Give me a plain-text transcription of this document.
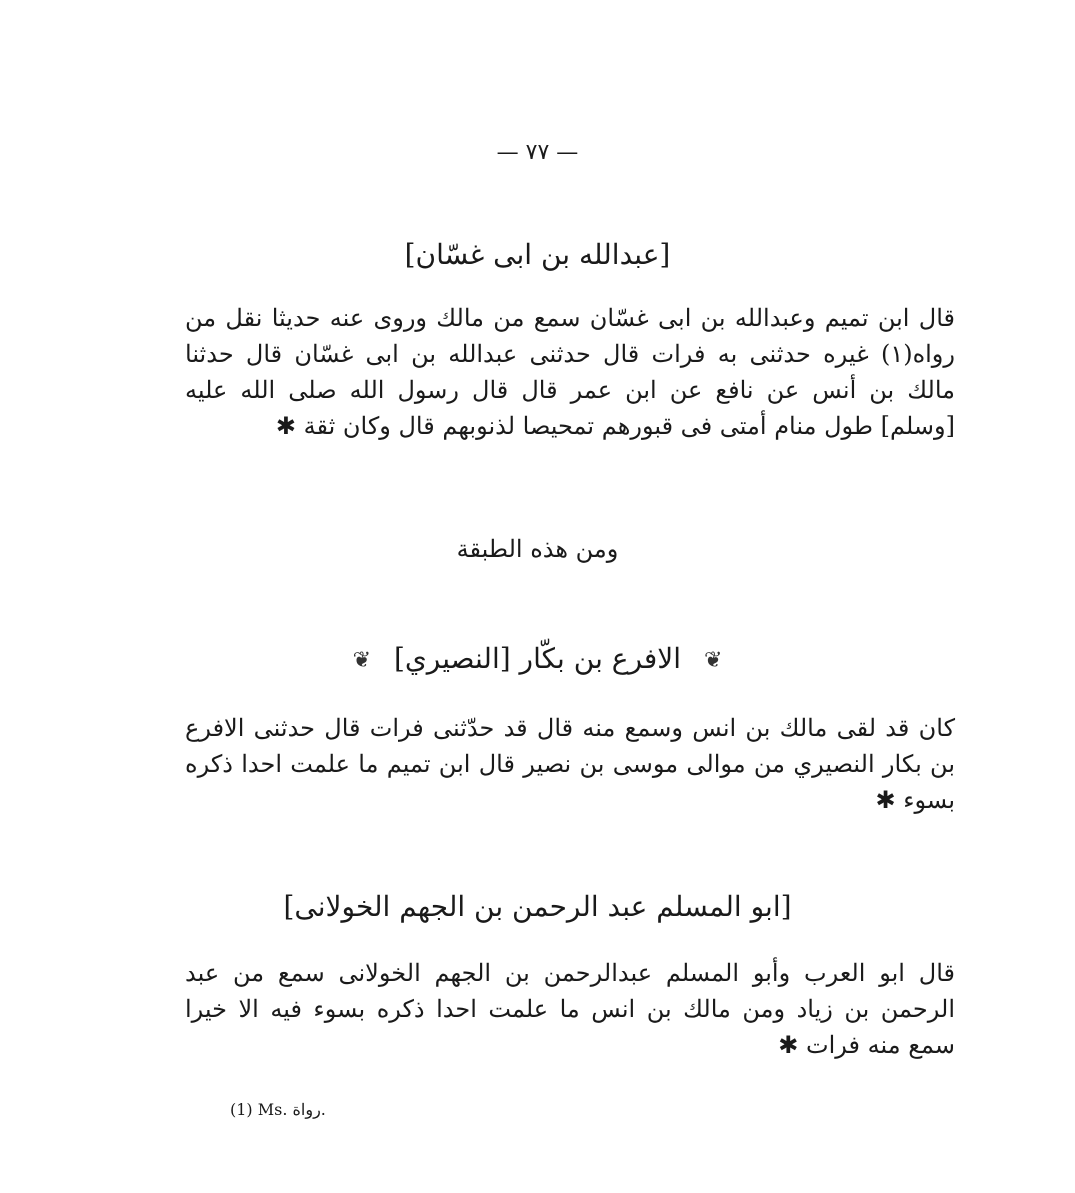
— ٧٧ —
[عبدالله بن ابى غسّان]
قال ابن تميم وعبدالله بن ابى غسّان سمع من مالك وروى عنه حديثا نقل من رواه(١) غيره حدثنى به فرات قال حدثنى عبدالله بن ابى غسّان قال حدثنا مالك بن أنس عن نافع عن ابن عمر قال قال رسول الله صلى الله عليه [وسلم] طول منام أمتى فى قبورهم تمحيصا لذنوبهم قال وكان ثقة ✱
ومن هذه الطبقة
❦ الافرع بن بكّار [النصيري] ❦
كان قد لقى مالك بن انس وسمع منه قال قد حدّثنى فرات قال حدثنى الافرع بن بكار النصيري من موالى موسى بن نصير قال ابن تميم ما علمت احدا ذكره بسوء ✱
[ابو المسلم عبد الرحمن بن الجهم الخولانى]
قال ابو العرب وأبو المسلم عبدالرحمن بن الجهم الخولانى سمع من عبد الرحمن بن زياد ومن مالك بن انس ما علمت احدا ذكره بسوء فيه الا خيرا سمع منه فرات ✱
(1) Ms. رواة.
